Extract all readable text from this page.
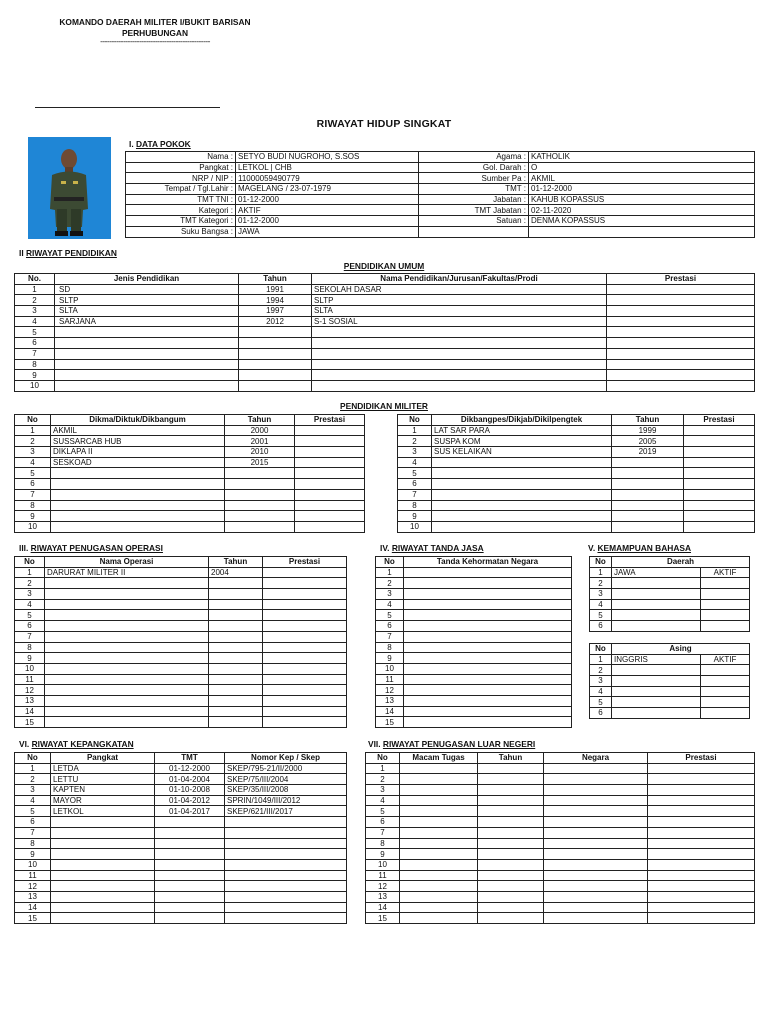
KOMANDO DAERAH MILITER I/BUKIT BARISAN
PERHUBUNGAN
------------------------------------------------
RIWAYAT HIDUP SINGKAT
I. DATA POKOK
Nama :	SETYO BUDI NUGROHO, S.SOS	Agama :	KATHOLIK
Pangkat :	LETKOL | CHB	Gol. Darah :	O
NRP / NIP :	11000059490779	Sumber Pa :	AKMIL
Tempat / Tgl.Lahir :	MAGELANG / 23-07-1979	TMT :	01-12-2000
TMT TNI :	01-12-2000	Jabatan :	KAHUB KOPASSUS
Kategori :	AKTIF	TMT Jabatan :	02-11-2020
TMT Kategori :	01-12-2000	Satuan :	DENMA KOPASSUS
Suku Bangsa :	JAWA		
II RIWAYAT PENDIDIKAN
PENDIDIKAN UMUM
No.	Jenis Pendidikan	Tahun	Nama Pendidikan/Jurusan/Fakultas/Prodi	Prestasi
1	SD	1991	SEKOLAH DASAR	
2	SLTP	1994	SLTP	
3	SLTA	1997	SLTA	
4	SARJANA	2012	S-1 SOSIAL	
5				
6				
7				
8				
9				
10				
PENDIDIKAN MILITER
No	Dikma/Diktuk/Dikbangum	Tahun	Prestasi
1	AKMIL	2000	
2	SUSSARCAB HUB	2001	
3	DIKLAPA II	2010	
4	SESKOAD	2015	
5			
6			
7			
8			
9			
10			
No	Dikbangpes/Dikjab/Dikilpengtek	Tahun	Prestasi
1	LAT SAR PARA	1999	
2	SUSPA KOM	2005	
3	SUS KELAIKAN	2019	
4			
5			
6			
7			
8			
9			
10			
III. RIWAYAT PENUGASAN OPERASI
No	Nama Operasi	Tahun	Prestasi
1	DARURAT MILITER II	2004	
2			
3			
4			
5			
6			
7			
8			
9			
10			
11			
12			
13			
14			
15			
IV. RIWAYAT TANDA JASA
No	Tanda Kehormatan Negara
1	
2	
3	
4	
5	
6	
7	
8	
9	
10	
11	
12	
13	
14	
15	
V. KEMAMPUAN BAHASA
No	Daerah	
1	JAWA	AKTIF
2		
3		
4		
5		
6		
No	Asing	
1	INGGRIS	AKTIF
2		
3		
4		
5		
6		
VI. RIWAYAT KEPANGKATAN
No	Pangkat	TMT	Nomor Kep / Skep
1	LETDA	01-12-2000	SKEP/795-21/II/2000
2	LETTU	01-04-2004	SKEP/75/III/2004
3	KAPTEN	01-10-2008	SKEP/35/III/2008
4	MAYOR	01-04-2012	SPRIN/1049/III/2012
5	LETKOL	01-04-2017	SKEP/621/III/2017
6			
7			
8			
9			
10			
11			
12			
13			
14			
15			
VII. RIWAYAT PENUGASAN LUAR NEGERI
No	Macam Tugas	Tahun	Negara	Prestasi
1				
2				
3				
4				
5				
6				
7				
8				
9				
10				
11				
12				
13				
14				
15				
